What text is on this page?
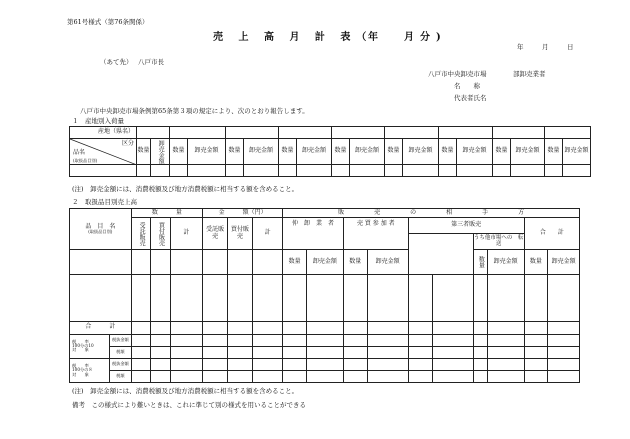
第61号様式（第76条関係）
売 上 高 月 計 表（
年 月分)
年	月	日
（あて先） 八戸市長
八戸市中央卸売市場	部卸売業者
名　　称
代表者氏名
八戸市中央卸売市場条例第65条第３項の規定により、次のとおり報告します。
１　産地別入荷量
産地（県名）																		

区分
品名
(取扱品目別)	数量	卸売金額	数量	卸売金額	数量	卸売金額	数量	卸売金額	数量	卸売金額	数量	卸売金額	数量	卸売金額	数量	卸売金額	数量	卸売金額

(注)　卸売金額には、消費税額及び地方消費税額に相当する額を含めること。
２　取扱品目別売上高
品　目　名
(取扱品目別)		数　　　量			金　　　額（円）			販　　　　　売　　　　　の　　　　　相　　　　　手　　　　　方									
		受託販売	買付販売	計	受託販売	買付販売	計	仲　卸　業　者		売 買 参 加 者		第三者販売				合　　計	
														うち他市場への　転　送			
								数量	卸売金額	数量	卸売金額			数量	卸売金額	数量	卸売金額

合　　　計																	

税　　率
100分の10
対　　象	税抜金額																
	税額																

税　　率
100分の８
対　　象	税抜金額																
	税額																
(注)　卸売金額には、消費税額及び地方消費税額に相当する額を含めること。
備考　この様式により難いときは、これに準じて別の様式を用いることができる
